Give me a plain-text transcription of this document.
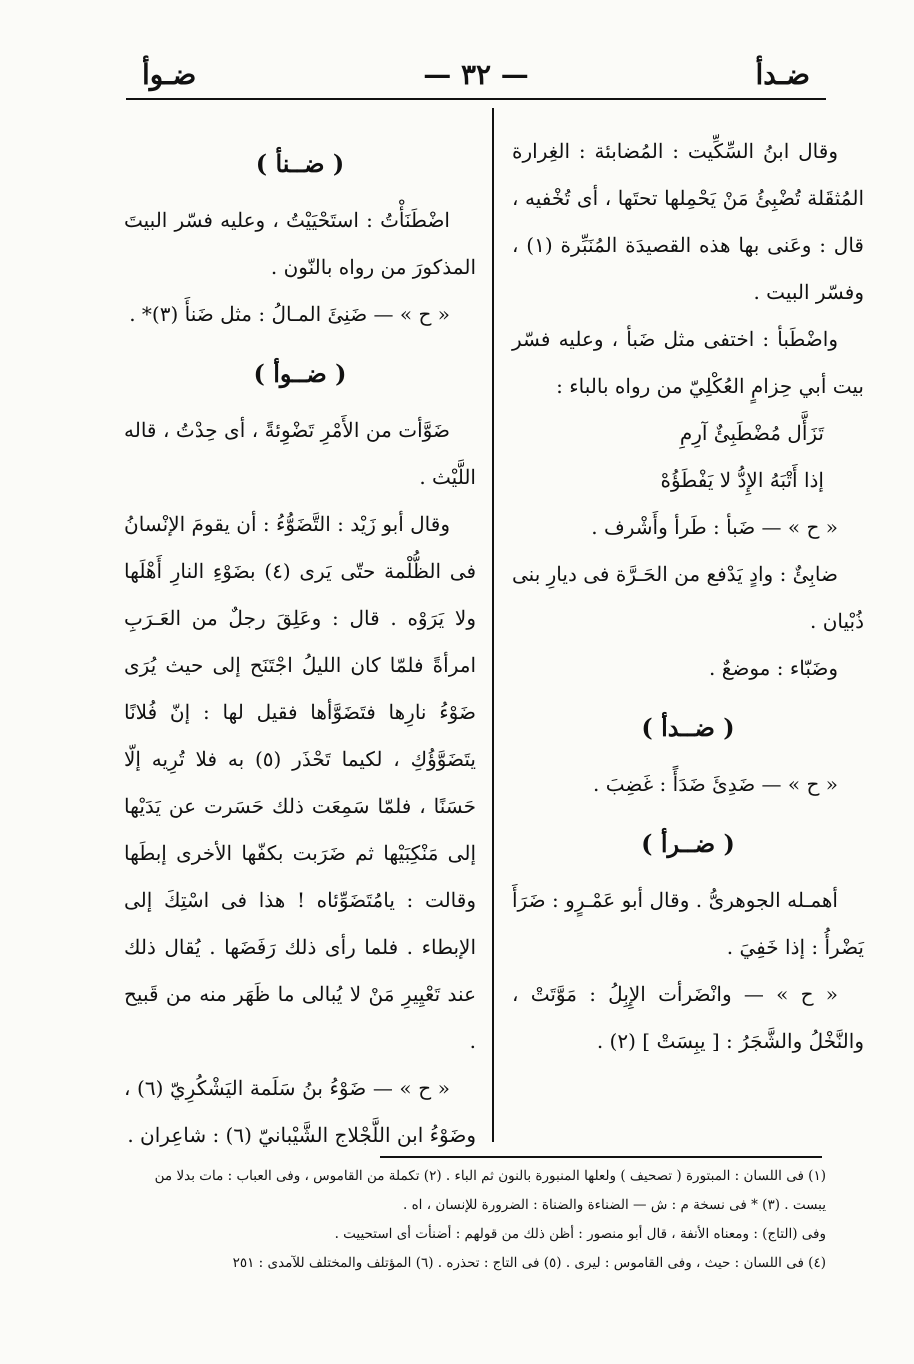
ضـدأ
— ٣٢ —
ضـوأ

وقال ابنُ السِّكِّيت : المُضابئة : الغِرارة المُثقَلة تُضْبِئُ مَنْ يَحْمِلها تحتَها ، أى تُخْفيه ، قال : وعَنى بها هذه القصيدَة المُنَبِّرة (١) ، وفسّر البيت .

واضْطَبأ : اختفى مثل ضَبأ ، وعليه فسّر بيت أبي حِزامٍ العُكْلِيّ من رواه بالباء :

تَزَأَّل مُضْطَبِئٌ آرِمِ

إذا أَتْبَهُ الإِدُّ لا يَفْطَؤُهْ

« ح » — ضَبأ : طَرأ وأَشْرف .

ضابِئٌ : وادٍ يَدْفع من الحَـرَّة فى ديارِ بنى ذُبْيان .

وضَبّاء : موضعٌ .

( ضــدأ )

« ح » — ضَدِئَ ضَدَأً : غَضِبَ .

( ضــرأ )

أهمـله الجوهرىُّ . وقال أبو عَمْـرٍو : ضَرَأَ يَضْرأُ : إذا خَفِيَ .

« ح » — وانْضَرأت الإِبِلُ : مَوَّتَتْ ، والنَّخْلُ والشَّجَرُ : [ يبِسَتْ ] (٢) .

( ضــنأ )

اضْطَنَأْتُ : استَحْيَيْتُ ، وعليه فسّر البيتَ المذكورَ من رواه بالنّون .

« ح » — ضَنِئَ المـالُ : مثل ضَنأَ (٣)* .

( ضــوأ )

ضَوَّأت من الأَمْرِ تَضْوِئةً ، أى حِدْتُ ، قاله اللَّيْث .

وقال أبو زَيْد : التَّضَوُّءُ : أن يقومَ الإنْسانُ فى الظُّلْمة حتّى يَرى (٤) بضَوْءِ النارِ أَهْلَها ولا يَرَوْه . قال : وعَلِقَ رجلٌ من العَـرَبِ امرأةً فلمّا كان الليلُ اجْتَنَح إلى حيث يُرَى ضَوْءُ نارِها فتَضَوَّأها فقيل لها : إنّ فُلانًا يتَضَوَّؤُكِ ، لكيما تَحْذَر (٥) به فلا تُرِيه إلّا حَسَنًا ، فلمّا سَمِعَت ذلك حَسَرت عن يَدَيْها إلى مَنْكِبَيْها ثم ضَرَبت بكفّها الأخرى إبطَها وقالت : يامُتَضَوِّئاه ! هذا فى اسْتِكَ إلى الإبطاء . فلما رأى ذلك رَفَضَها . يُقال ذلك عند تَعْيِيرِ مَنْ لا يُبالى ما ظَهَر منه من قَبيح .

« ح » — ضَوْءُ بنُ سَلَمة اليَشْكُرِيّ (٦) ، وضَوْءُ ابن اللَّجْلاج الشَّيْبانيّ (٦) : شاعِران .

(١) فى اللسان : المبتورة ( تصحيف ) ولعلها المنبورة بالنون ثم الباء . (٢) تكملة من القاموس ، وفى العباب : مات بدلا من يبست . (٣) * فى نسخة م : ش — الضناءة والضناة : الضرورة للإنسان ، اه .

وفى (التاج) : ومعناه الأنفة ، قال أبو منصور : أظن ذلك من قولهم : أضنأت أى استحييت .

(٤) فى اللسان : حيث ، وفى القاموس : ليرى . (٥) فى التاج : تحذره . (٦) المؤتلف والمختلف للآمدى : ٢٥١
